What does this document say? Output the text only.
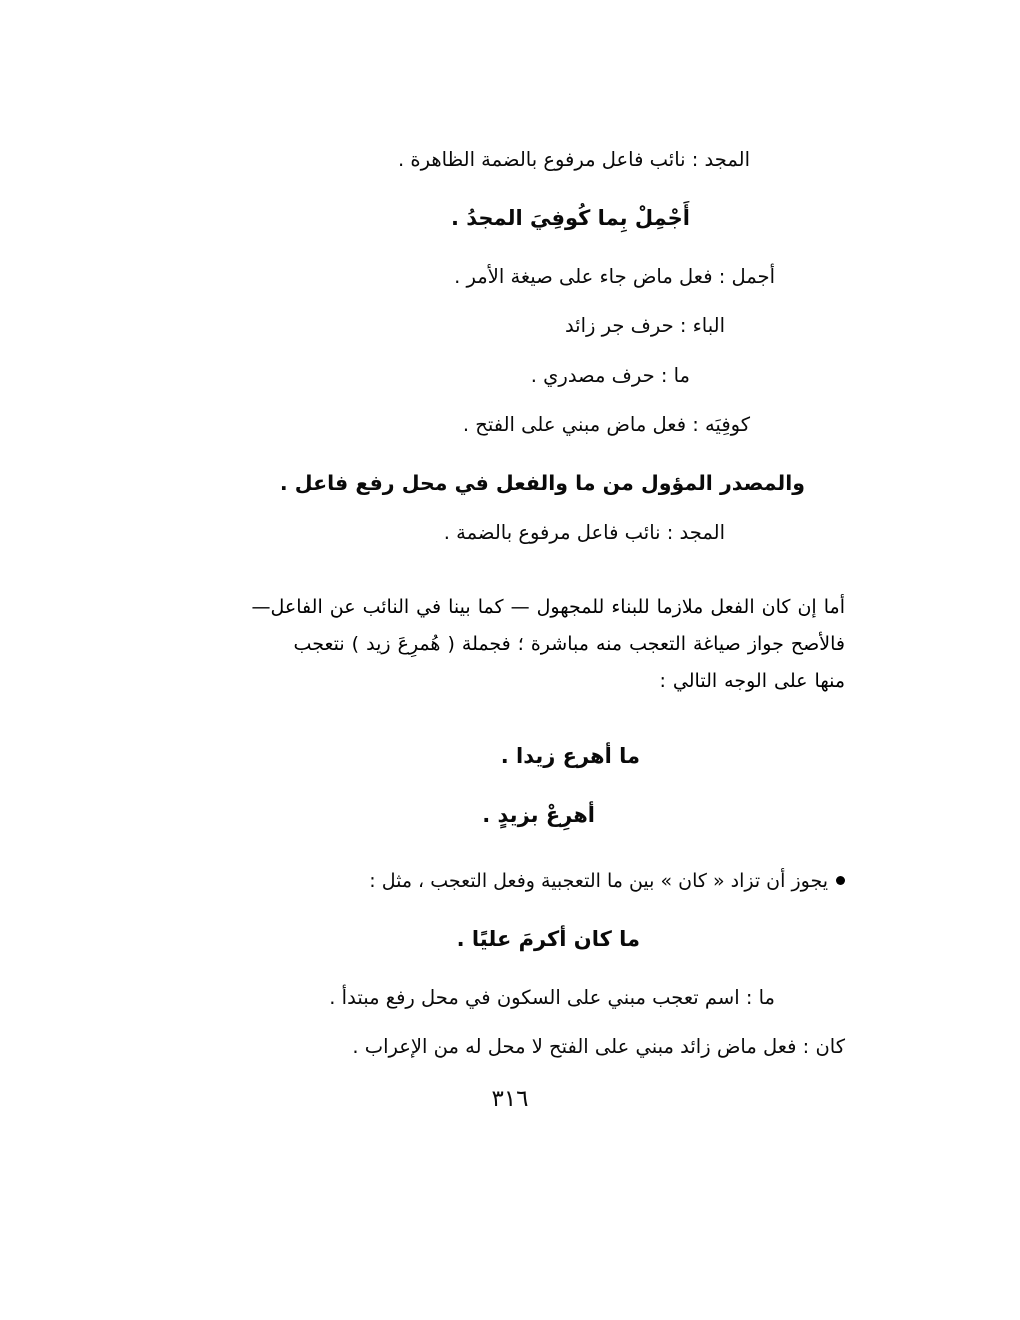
المجد : نائب فاعل مرفوع بالضمة الظاهرة .
أَجْمِلْ بِما كُوفِيَ المجدُ .
أجمل : فعل ماض جاء على صيغة الأمر .
الباء : حرف جر زائد
ما : حرف مصدري .
كوفِيَه : فعل ماض مبني على الفتح .
والمصدر المؤول من ما والفعل في محل رفع فاعل .
المجد : نائب فاعل مرفوع بالضمة .
أما إن كان الفعل ملازما للبناء للمجهول — كما بينا في النائب عن الفاعل—
فالأصح جواز صياغة التعجب منه مباشرة ؛ فجملة ( هُمرِعَ زيد ) نتعجب
منها على الوجه التالي :
ما أهرع زيدا .
أهرِعْ بزيدٍ .
يجوز أن تزاد « كان » بين ما التعجبية وفعل التعجب ، مثل :
ما كان أكرمَ عليًا .
ما : اسم تعجب مبني على السكون في محل رفع مبتدأ .
كان : فعل ماض زائد مبني على الفتح لا محل له من الإعراب .
٣١٦
